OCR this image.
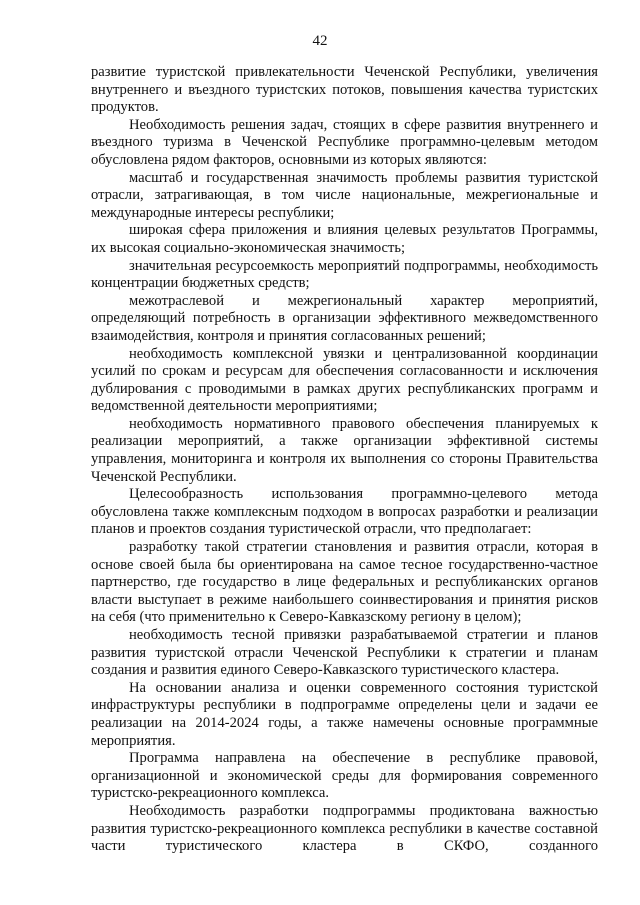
42

развитие туристской привлекательности Чеченской Республики, увеличения внутреннего и въездного туристских потоков, повышения качества туристских продуктов.

Необходимость решения задач, стоящих в сфере развития внутреннего и въездного туризма в Чеченской Республике программно-целевым методом обусловлена рядом факторов, основными из которых являются:

масштаб и государственная значимость проблемы развития туристской отрасли, затрагивающая, в том числе национальные, межрегиональные и международные интересы республики;

широкая сфера приложения и влияния целевых результатов Программы, их высокая социально-экономическая значимость;

значительная ресурсоемкость мероприятий подпрограммы, необходимость концентрации бюджетных средств;

межотраслевой и межрегиональный характер мероприятий, определяющий потребность в организации эффективного межведомственного взаимодействия, контроля и принятия согласованных решений;

необходимость комплексной увязки и централизованной координации усилий по срокам и ресурсам для обеспечения согласованности и исключения дублирования с проводимыми в рамках других республиканских программ и ведомственной деятельности мероприятиями;

необходимость нормативного правового обеспечения планируемых к реализации мероприятий, а также организации эффективной системы управления, мониторинга и контроля их выполнения со стороны Правительства Чеченской Республики.

Целесообразность использования программно-целевого метода обусловлена также комплексным подходом в вопросах разработки и реализации планов и проектов создания туристической отрасли, что предполагает:

разработку такой стратегии становления и развития отрасли, которая в основе своей была бы ориентирована на самое тесное государственно-частное партнерство, где государство в лице федеральных и республиканских органов власти выступает в режиме наибольшего соинвестирования и принятия рисков на себя (что применительно к Северо-Кавказскому региону в целом);

необходимость тесной привязки разрабатываемой стратегии и планов развития туристской отрасли Чеченской Республики к стратегии и планам создания и развития единого Северо-Кавказского туристического кластера.

На основании анализа и оценки современного состояния туристской инфраструктуры республики в подпрограмме определены цели и задачи ее реализации на 2014-2024 годы, а также намечены основные программные мероприятия.

Программа направлена на обеспечение в республике правовой, организационной и экономической среды для формирования современного туристско-рекреационного комплекса.

Необходимость разработки подпрограммы продиктована важностью развития туристско-рекреационного комплекса республики в качестве составной части туристического кластера в СКФО, созданного
